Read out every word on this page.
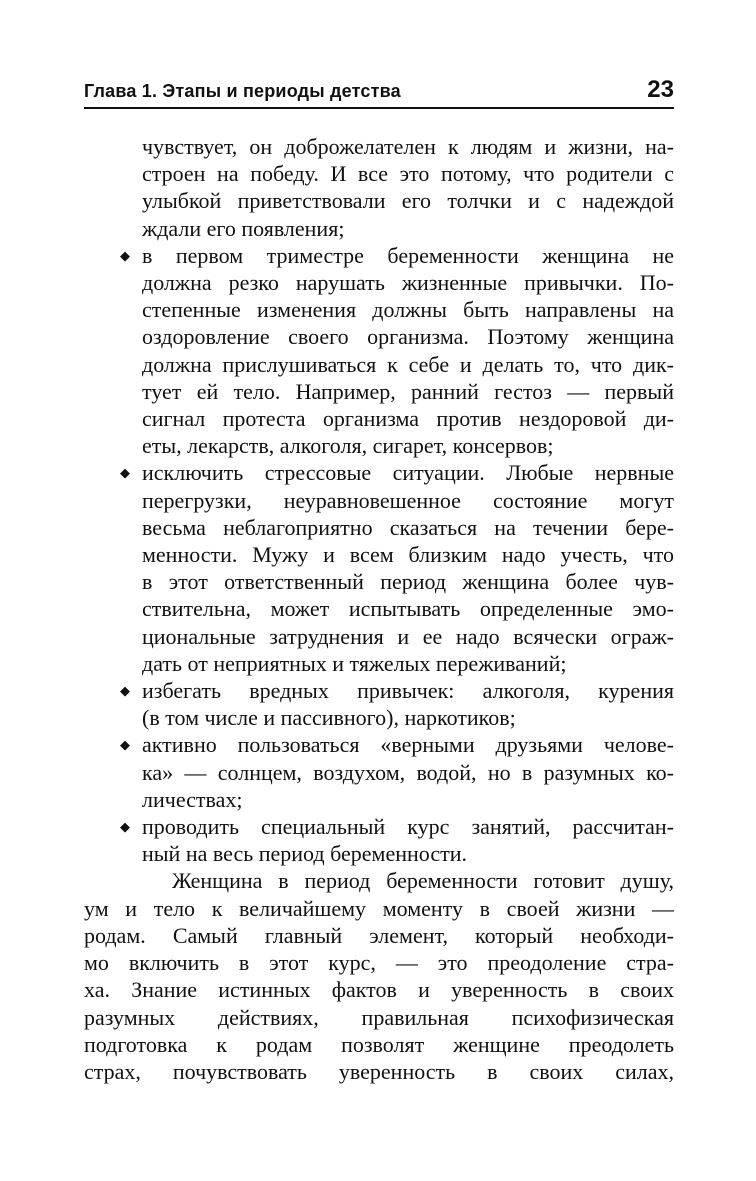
Глава 1. Этапы и периоды детства	23
чувствует, он доброжелателен к людям и жизни, на-
строен на победу. И все это потому, что родители с
улыбкой приветствовали его толчки и с надеждой
ждали его появления;
◆ в первом триместре беременности женщина не
должна резко нарушать жизненные привычки. По-
степенные изменения должны быть направлены на
оздоровление своего организма. Поэтому женщина
должна прислушиваться к себе и делать то, что дик-
тует ей тело. Например, ранний гестоз — первый
сигнал протеста организма против нездоровой ди-
еты, лекарств, алкоголя, сигарет, консервов;
◆ исключить стрессовые ситуации. Любые нервные
перегрузки, неуравновешенное состояние могут
весьма неблагоприятно сказаться на течении бере-
менности. Мужу и всем близким надо учесть, что
в этот ответственный период женщина более чув-
ствительна, может испытывать определенные эмо-
циональные затруднения и ее надо всячески ограж-
дать от неприятных и тяжелых переживаний;
◆ избегать вредных привычек: алкоголя, курения
(в том числе и пассивного), наркотиков;
◆ активно пользоваться «верными друзьями челове-
ка» — солнцем, воздухом, водой, но в разумных ко-
личествах;
◆ проводить специальный курс занятий, рассчитан-
ный на весь период беременности.
Женщина в период беременности готовит душу,
ум и тело к величайшему моменту в своей жизни —
родам. Самый главный элемент, который необходи-
мо включить в этот курс, — это преодоление стра-
ха. Знание истинных фактов и уверенность в своих
разумных действиях, правильная психофизическая
подготовка к родам позволят женщине преодолеть
страх, почувствовать уверенность в своих силах,
